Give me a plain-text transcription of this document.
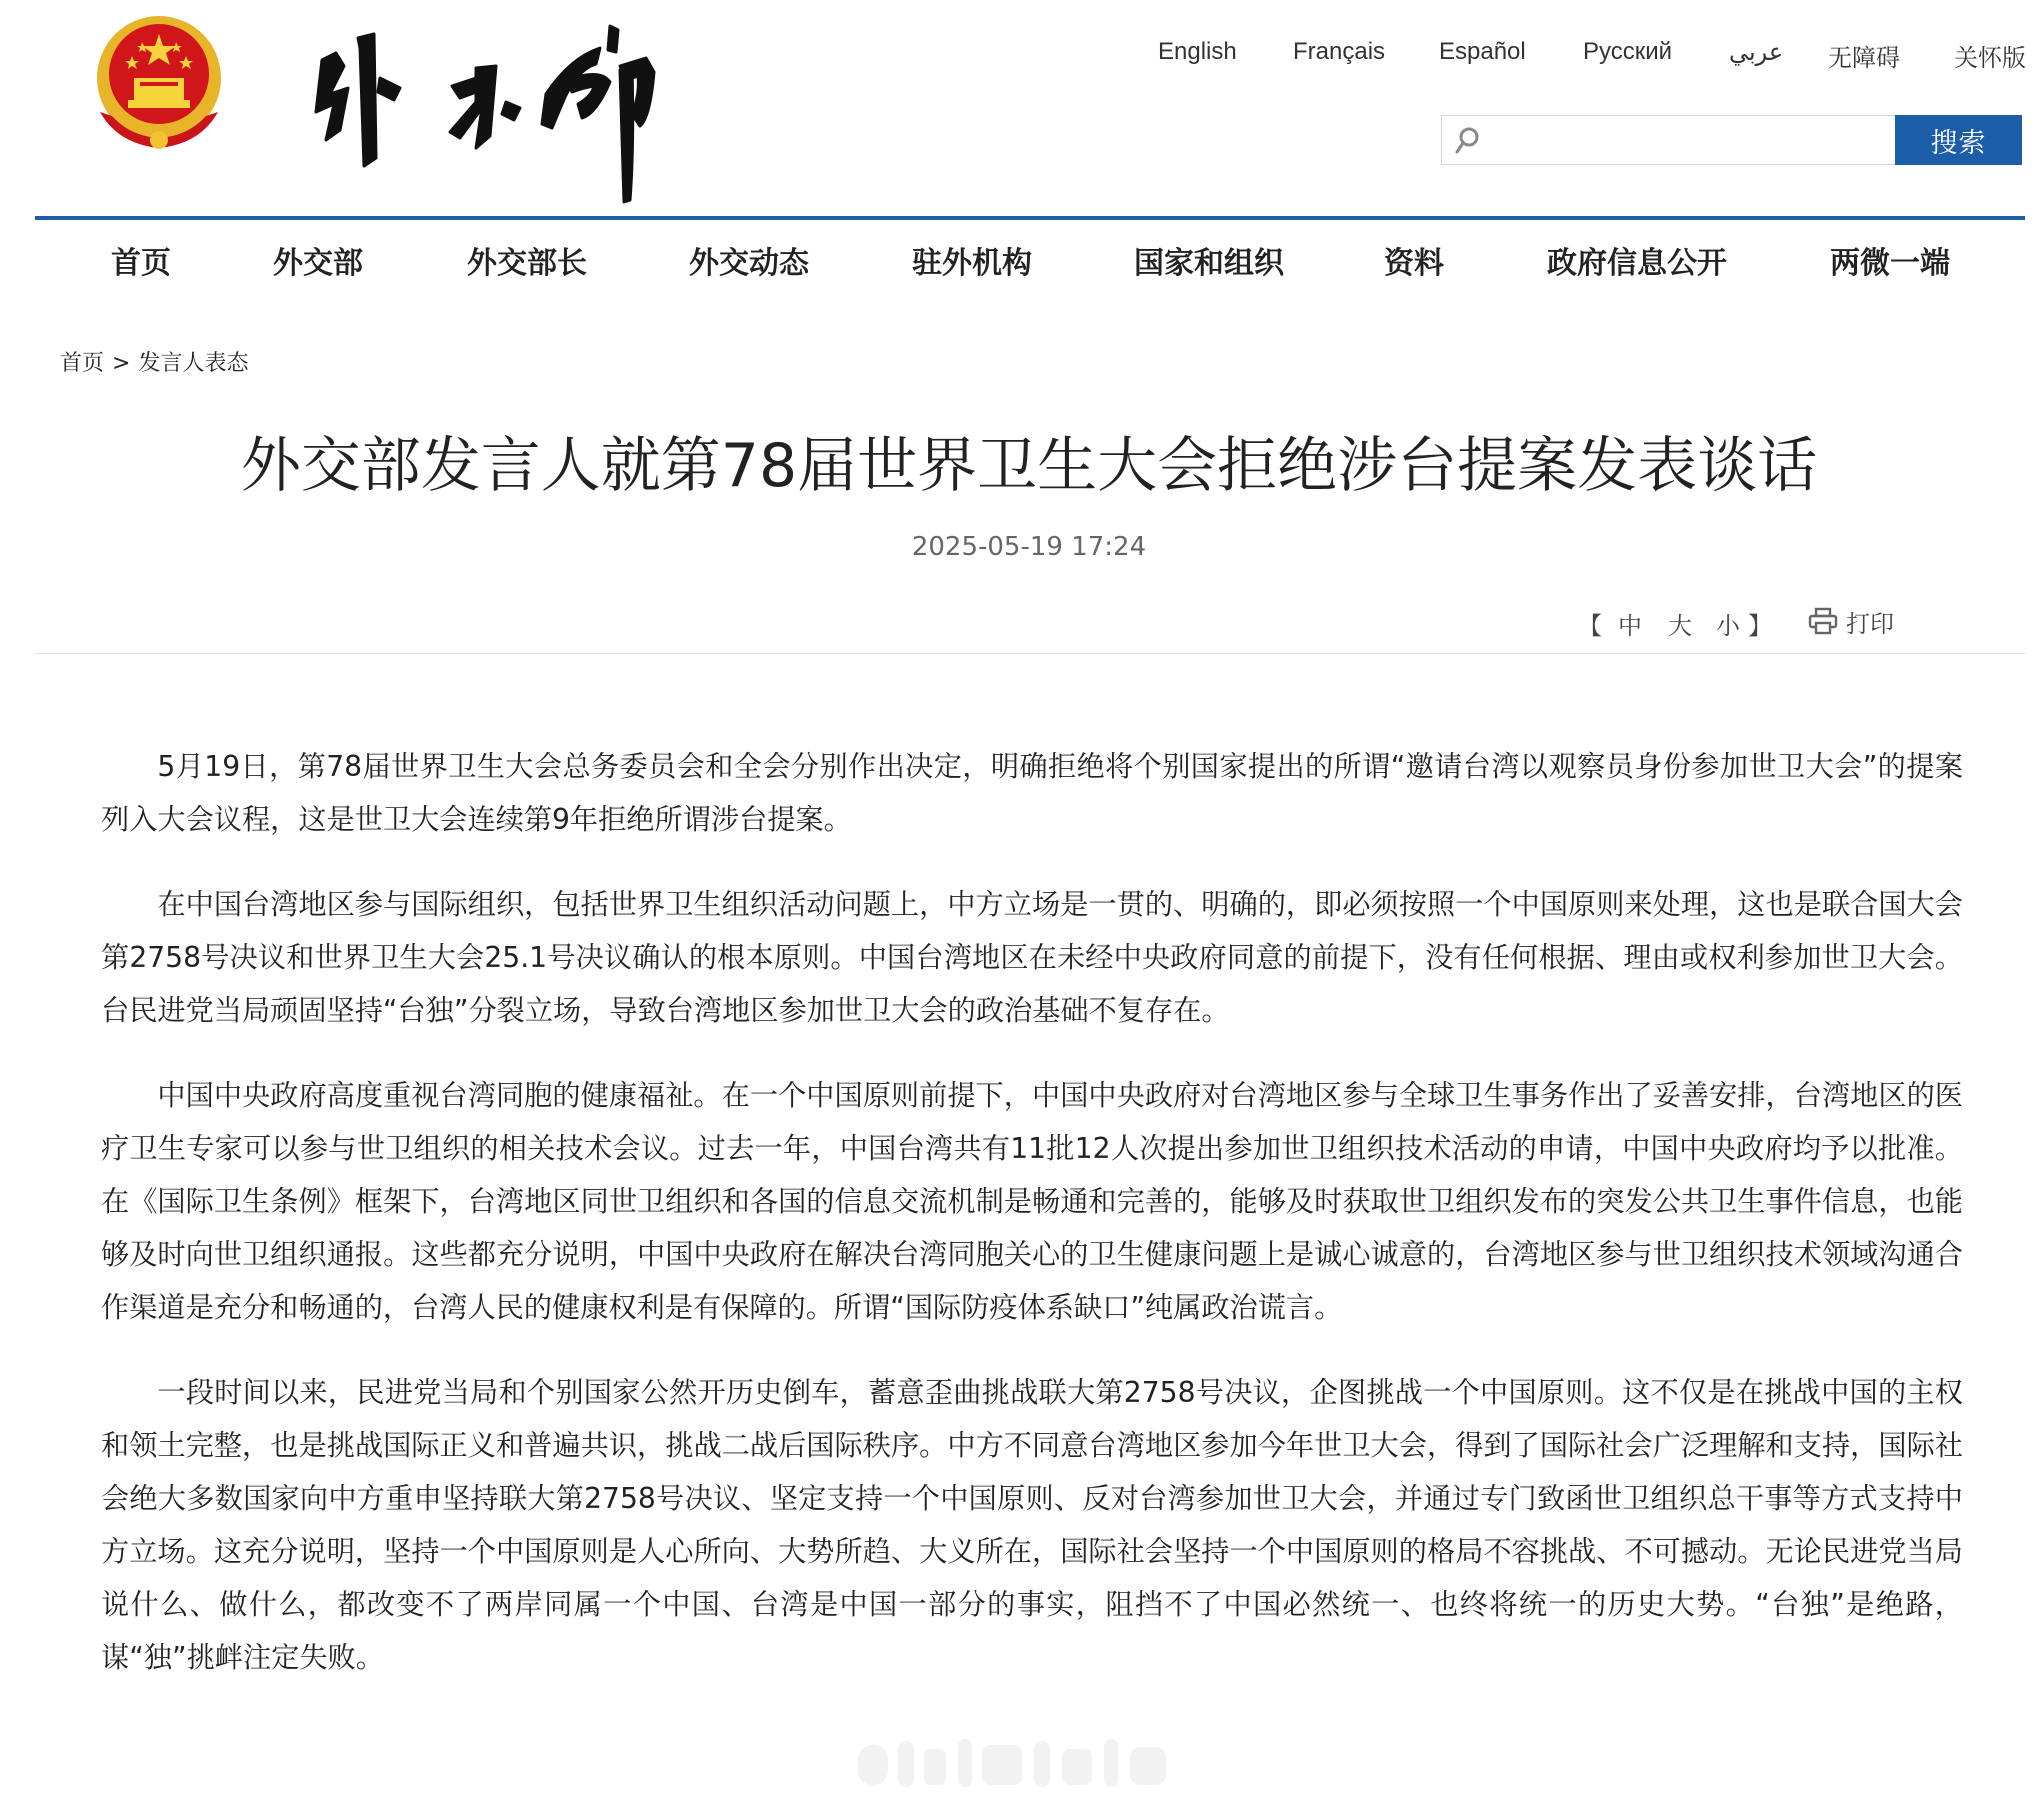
English Français Español Русский عربي 无障碍 关怀版
搜索
首页	外交部	外交部长	外交动态	驻外机构	国家和组织	资料	政府信息公开	两微一端
首页 > 发言人表态
外交部发言人就第78届世界卫生大会拒绝涉台提案发表谈话
2025-05-19 17:24
【 中 大 小 】	打印

5月19日，第78届世界卫生大会总务委员会和全会分别作出决定，明确拒绝将个别国家提出的所谓“邀请台湾以观察员身份参加世卫大会”的提案列入大会议程，这是世卫大会连续第9年拒绝所谓涉台提案。

在中国台湾地区参与国际组织，包括世界卫生组织活动问题上，中方立场是一贯的、明确的，即必须按照一个中国原则来处理，这也是联合国大会第2758号决议和世界卫生大会25.1号决议确认的根本原则。中国台湾地区在未经中央政府同意的前提下，没有任何根据、理由或权利参加世卫大会。台民进党当局顽固坚持“台独”分裂立场，导致台湾地区参加世卫大会的政治基础不复存在。

中国中央政府高度重视台湾同胞的健康福祉。在一个中国原则前提下，中国中央政府对台湾地区参与全球卫生事务作出了妥善安排，台湾地区的医疗卫生专家可以参与世卫组织的相关技术会议。过去一年，中国台湾共有11批12人次提出参加世卫组织技术活动的申请，中国中央政府均予以批准。在《国际卫生条例》框架下，台湾地区同世卫组织和各国的信息交流机制是畅通和完善的，能够及时获取世卫组织发布的突发公共卫生事件信息，也能够及时向世卫组织通报。这些都充分说明，中国中央政府在解决台湾同胞关心的卫生健康问题上是诚心诚意的，台湾地区参与世卫组织技术领域沟通合作渠道是充分和畅通的，台湾人民的健康权利是有保障的。所谓“国际防疫体系缺口”纯属政治谎言。

一段时间以来，民进党当局和个别国家公然开历史倒车，蓄意歪曲挑战联大第2758号决议，企图挑战一个中国原则。这不仅是在挑战中国的主权和领土完整，也是挑战国际正义和普遍共识，挑战二战后国际秩序。中方不同意台湾地区参加今年世卫大会，得到了国际社会广泛理解和支持，国际社会绝大多数国家向中方重申坚持联大第2758号决议、坚定支持一个中国原则、反对台湾参加世卫大会，并通过专门致函世卫组织总干事等方式支持中方立场。这充分说明，坚持一个中国原则是人心所向、大势所趋、大义所在，国际社会坚持一个中国原则的格局不容挑战、不可撼动。无论民进党当局说什么、做什么，都改变不了两岸同属一个中国、台湾是中国一部分的事实，阻挡不了中国必然统一、也终将统一的历史大势。“台独”是绝路，谋“独”挑衅注定失败。
